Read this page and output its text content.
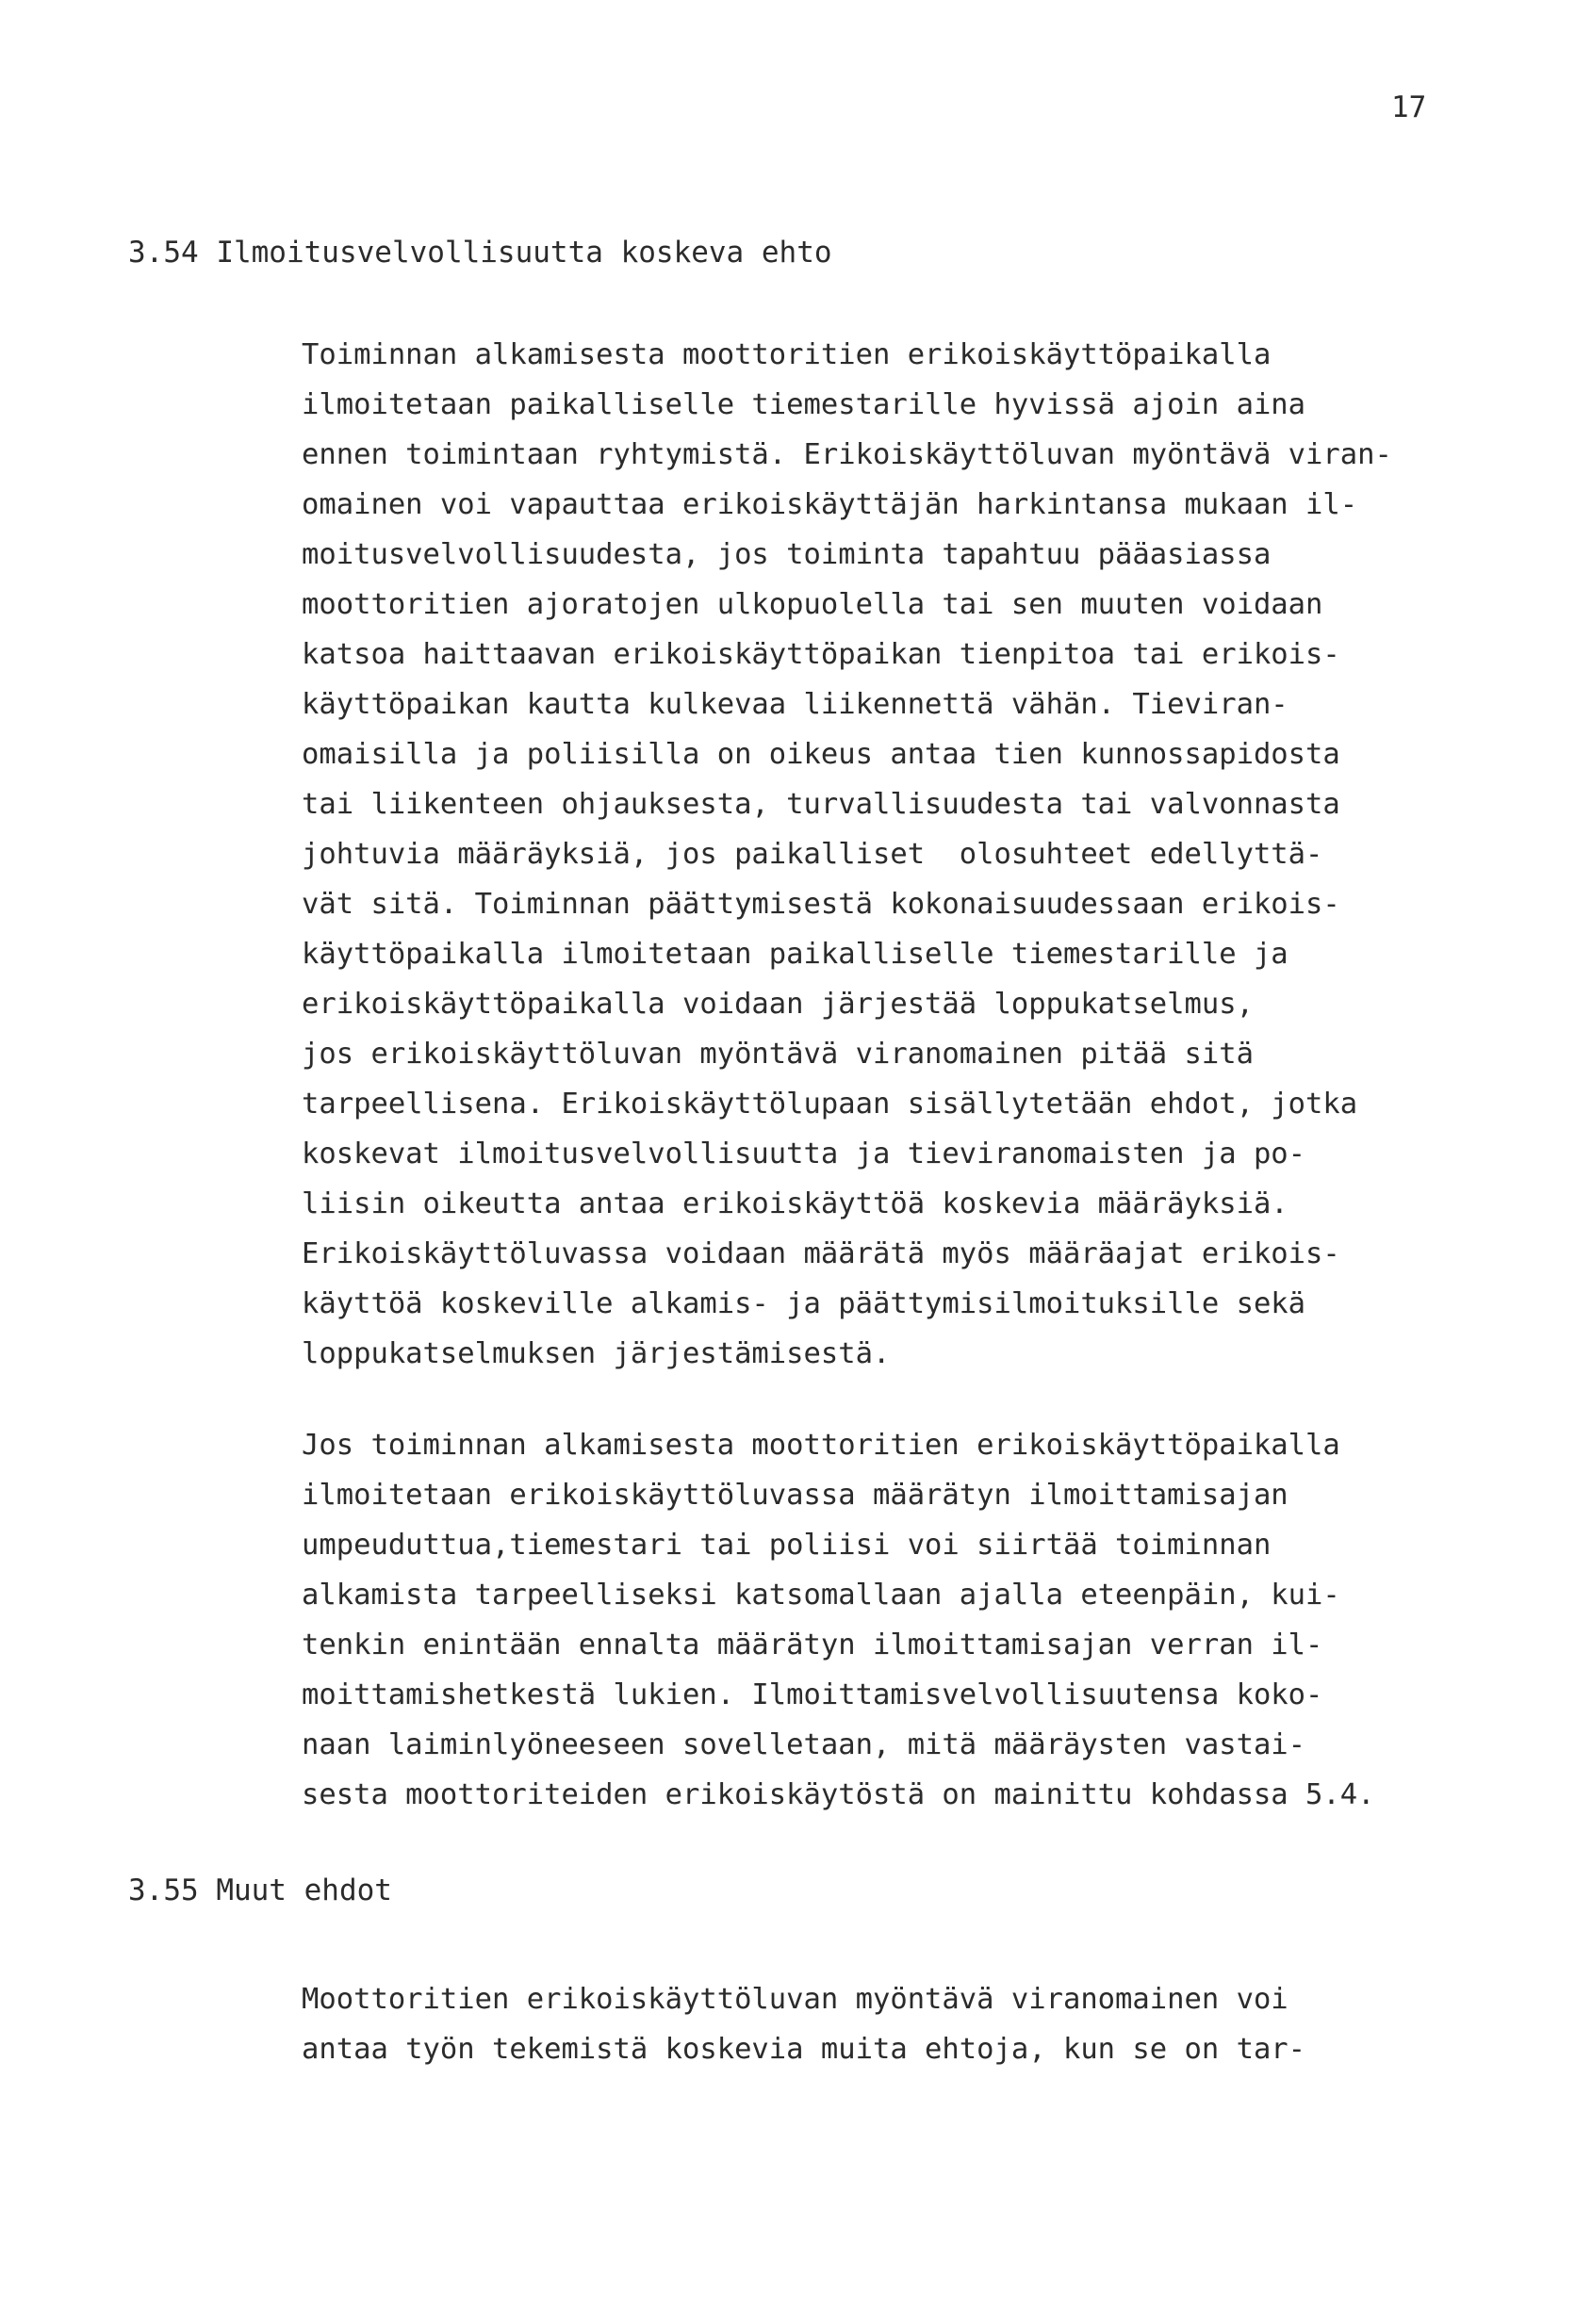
17
3.54 Ilmoitusvelvollisuutta koskeva ehto
Toiminnan alkamisesta moottoritien erikoiskäyttöpaikalla
ilmoitetaan paikalliselle tiemestarille hyvissä ajoin aina
ennen toimintaan ryhtymistä. Erikoiskäyttöluvan myöntävä viran-
omainen voi vapauttaa erikoiskäyttäjän harkintansa mukaan il-
moitusvelvollisuudesta, jos toiminta tapahtuu pääasiassa
moottoritien ajoratojen ulkopuolella tai sen muuten voidaan
katsoa haittaavan erikoiskäyttöpaikan tienpitoa tai erikois-
käyttöpaikan kautta kulkevaa liikennettä vähän. Tieviran-
omaisilla ja poliisilla on oikeus antaa tien kunnossapidosta
tai liikenteen ohjauksesta, turvallisuudesta tai valvonnasta
johtuvia määräyksiä, jos paikalliset  olosuhteet edellyttä-
vät sitä. Toiminnan päättymisestä kokonaisuudessaan erikois-
käyttöpaikalla ilmoitetaan paikalliselle tiemestarille ja
erikoiskäyttöpaikalla voidaan järjestää loppukatselmus,
jos erikoiskäyttöluvan myöntävä viranomainen pitää sitä
tarpeellisena. Erikoiskäyttölupaan sisällytetään ehdot, jotka
koskevat ilmoitusvelvollisuutta ja tieviranomaisten ja po-
liisin oikeutta antaa erikoiskäyttöä koskevia määräyksiä.
Erikoiskäyttöluvassa voidaan määrätä myös määräajat erikois-
käyttöä koskeville alkamis- ja päättymisilmoituksille sekä
loppukatselmuksen järjestämisestä.
Jos toiminnan alkamisesta moottoritien erikoiskäyttöpaikalla
ilmoitetaan erikoiskäyttöluvassa määrätyn ilmoittamisajan
umpeuduttua,tiemestari tai poliisi voi siirtää toiminnan
alkamista tarpeelliseksi katsomallaan ajalla eteenpäin, kui-
tenkin enintään ennalta määrätyn ilmoittamisajan verran il-
moittamishetkestä lukien. Ilmoittamisvelvollisuutensa koko-
naan laiminlyöneeseen sovelletaan, mitä määräysten vastai-
sesta moottoriteiden erikoiskäytöstä on mainittu kohdassa 5.4.
3.55 Muut ehdot
Moottoritien erikoiskäyttöluvan myöntävä viranomainen voi
antaa työn tekemistä koskevia muita ehtoja, kun se on tar-
